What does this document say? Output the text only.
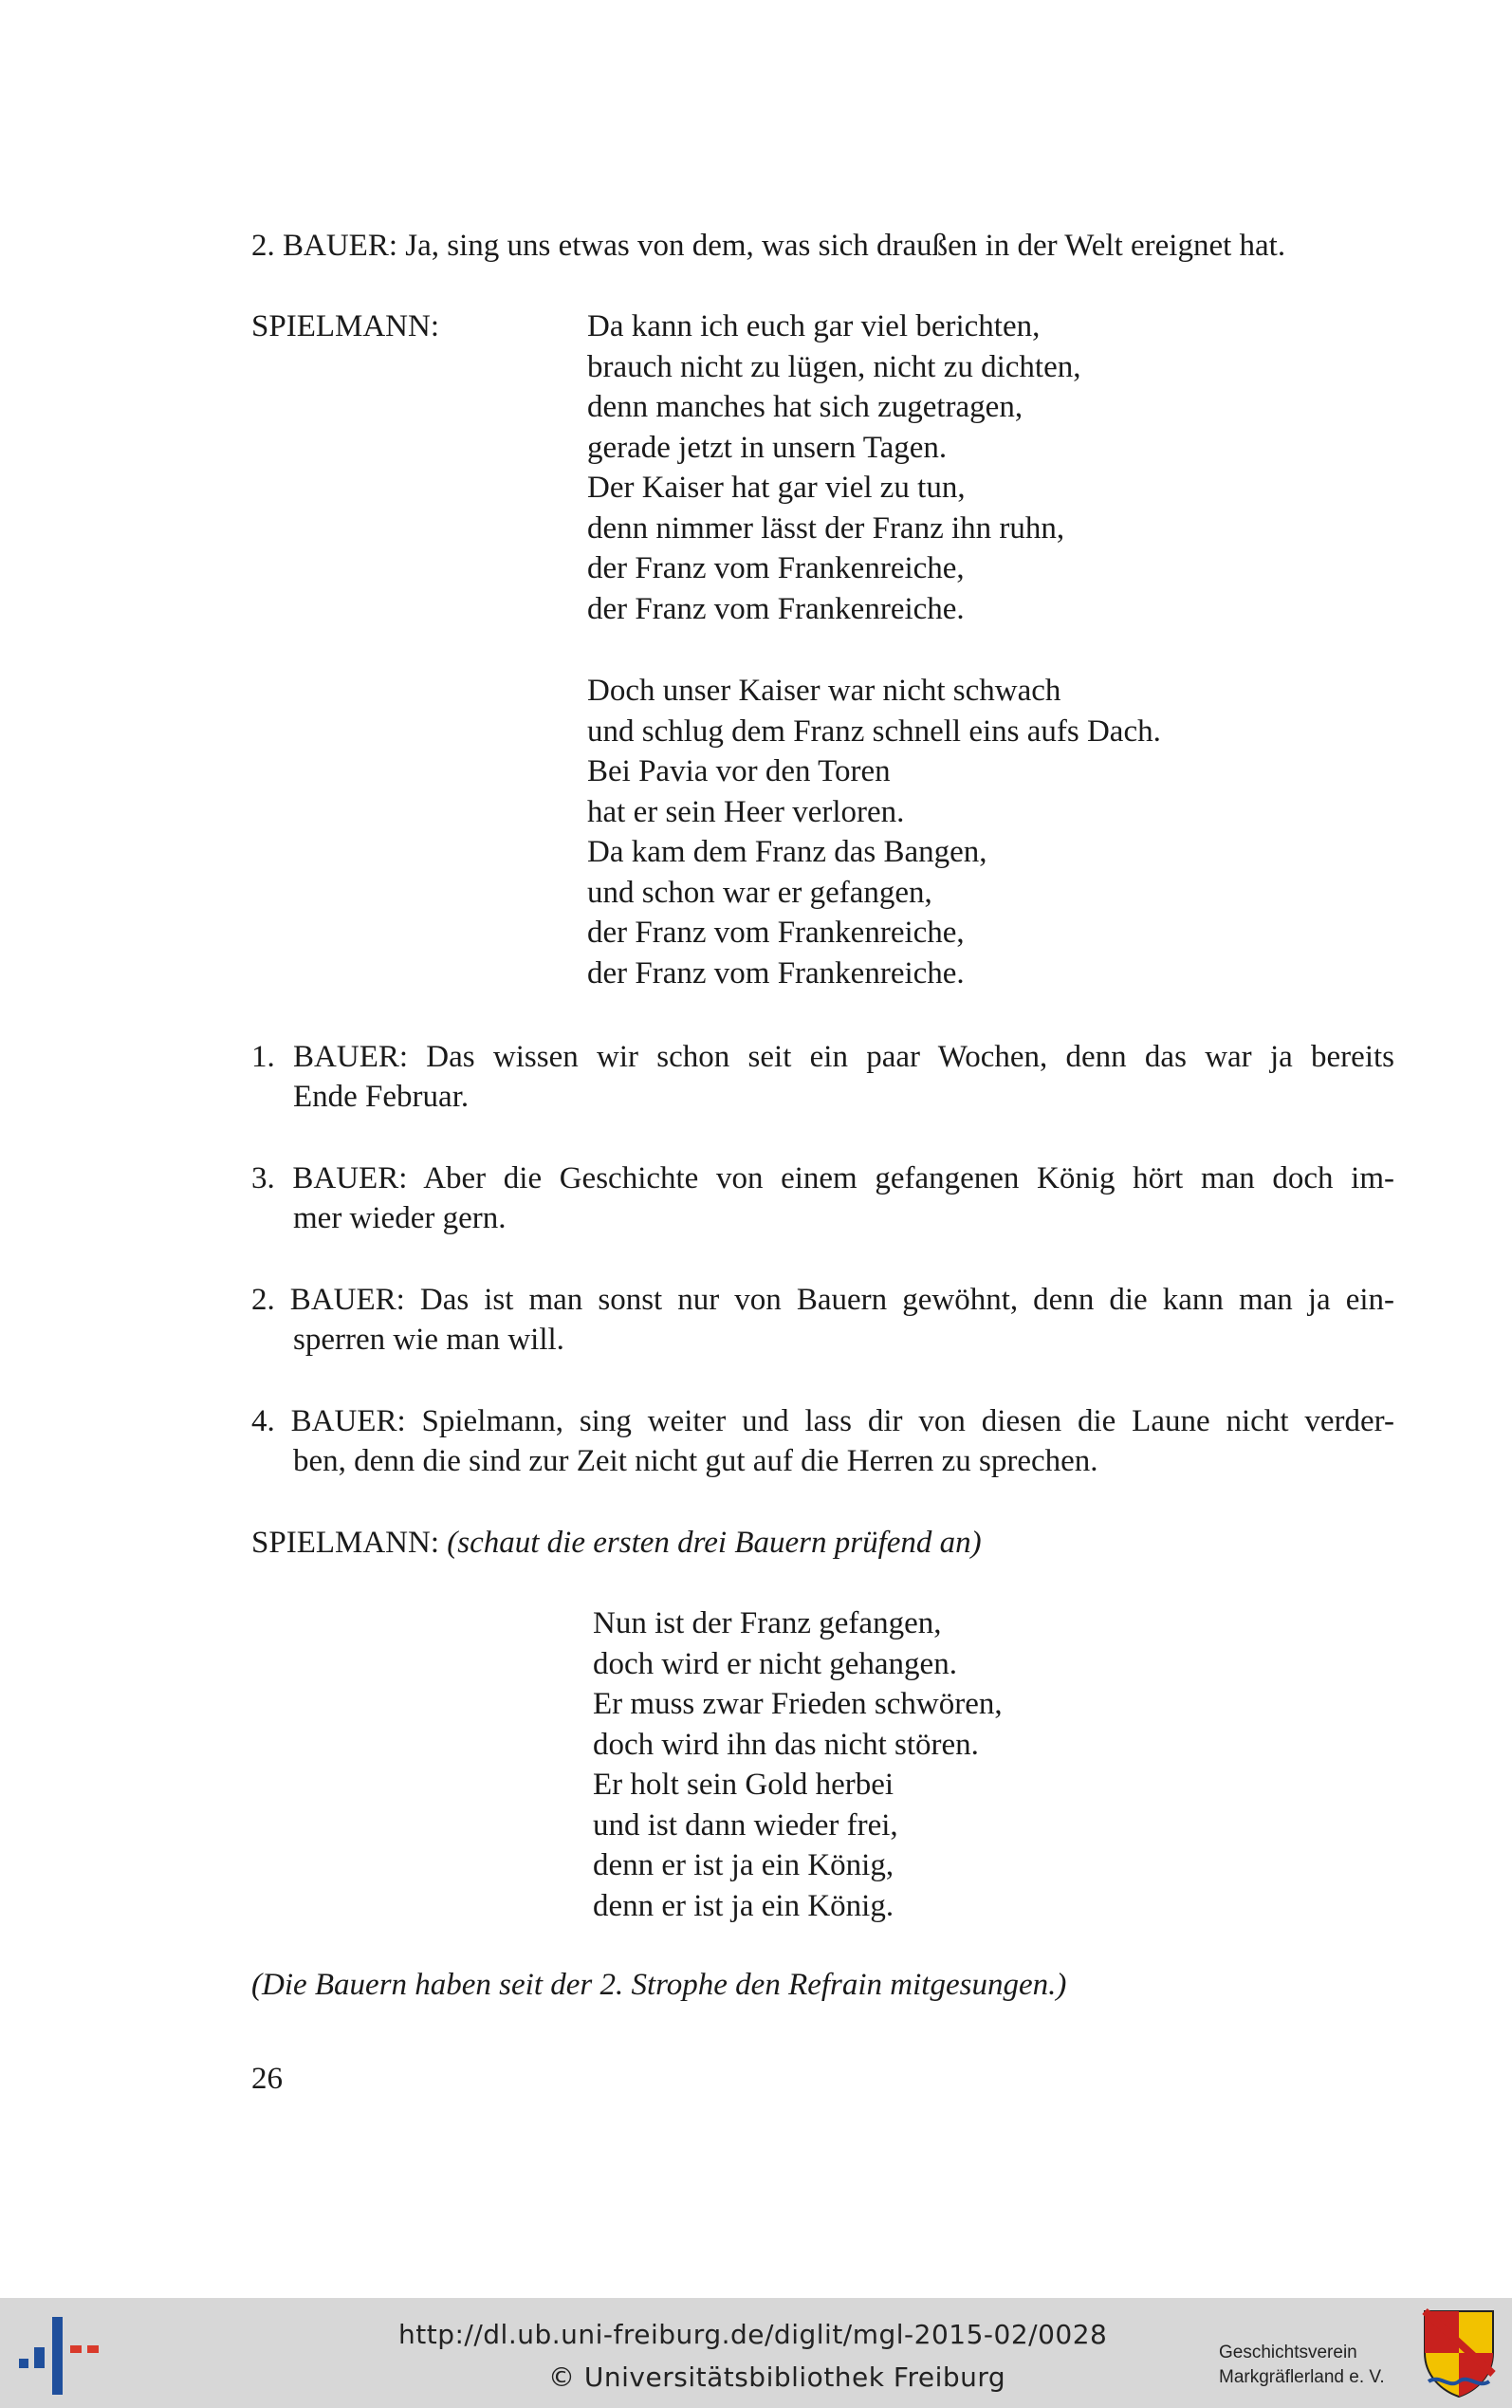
2. BAUER: Ja, sing uns etwas von dem, was sich draußen in der Welt ereignet hat.
SPIELMANN:	Da kann ich euch gar viel berichten,
brauch nicht zu lügen, nicht zu dichten,
denn manches hat sich zugetragen,
gerade jetzt in unsern Tagen.
Der Kaiser hat gar viel zu tun,
denn nimmer lässt der Franz ihn ruhn,
der Franz vom Frankenreiche,
der Franz vom Frankenreiche.
Doch unser Kaiser war nicht schwach
und schlug dem Franz schnell eins aufs Dach.
Bei Pavia vor den Toren
hat er sein Heer verloren.
Da kam dem Franz das Bangen,
und schon war er gefangen,
der Franz vom Frankenreiche,
der Franz vom Frankenreiche.
1. BAUER: Das wissen wir schon seit ein paar Wochen, denn das war ja bereits
Ende Februar.
3. BAUER: Aber die Geschichte von einem gefangenen König hört man doch im-
mer wieder gern.
2. BAUER: Das ist man sonst nur von Bauern gewöhnt, denn die kann man ja ein-
sperren wie man will.
4. BAUER: Spielmann, sing weiter und lass dir von diesen die Laune nicht verder-
ben, denn die sind zur Zeit nicht gut auf die Herren zu sprechen.
SPIELMANN: (schaut die ersten drei Bauern prüfend an)
Nun ist der Franz gefangen,
doch wird er nicht gehangen.
Er muss zwar Frieden schwören,
doch wird ihn das nicht stören.
Er holt sein Gold herbei
und ist dann wieder frei,
denn er ist ja ein König,
denn er ist ja ein König.
(Die Bauern haben seit der 2. Strophe den Refrain mitgesungen.)
26
http://dl.ub.uni-freiburg.de/diglit/mgl-2015-02/0028
© Universitätsbibliothek Freiburg
Geschichtsverein
Markgräflerland e. V.
